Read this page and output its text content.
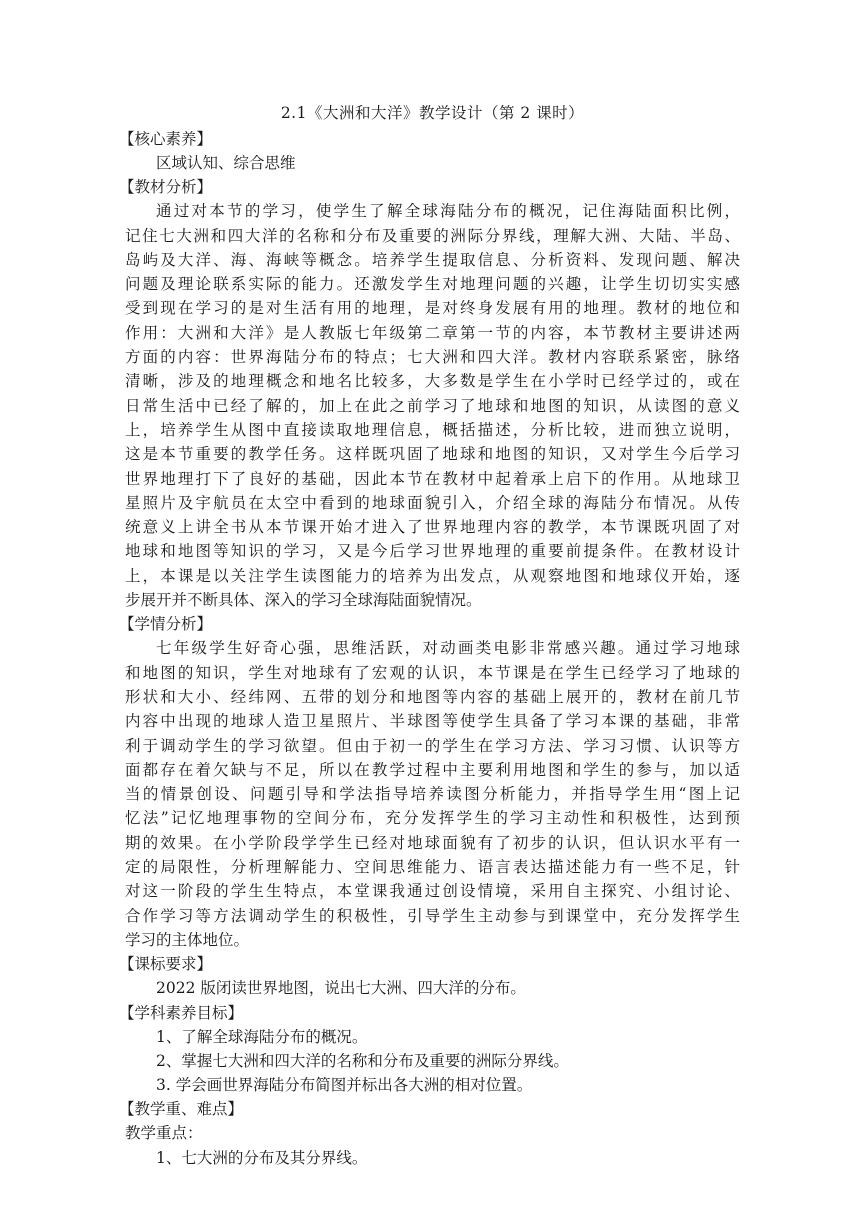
2.1《大洲和大洋》教学设计（第 2 课时）
【核心素养】
区域认知、综合思维
【教材分析】
通过对本节的学习，使学生了解全球海陆分布的概况，记住海陆面积比例，
记住七大洲和四大洋的名称和分布及重要的洲际分界线，理解大洲、大陆、半岛、
岛屿及大洋、海、海峡等概念。培养学生提取信息、分析资料、发现问题、解决
问题及理论联系实际的能力。还激发学生对地理问题的兴趣，让学生切切实实感
受到现在学习的是对生活有用的地理，是对终身发展有用的地理。教材的地位和
作用：大洲和大洋》是人教版七年级第二章第一节的内容，本节教材主要讲述两
方面的内容：世界海陆分布的特点；七大洲和四大洋。教材内容联系紧密，脉络
清晰，涉及的地理概念和地名比较多，大多数是学生在小学时已经学过的，或在
日常生活中已经了解的，加上在此之前学习了地球和地图的知识，从读图的意义
上，培养学生从图中直接读取地理信息，概括描述，分析比较，进而独立说明，
这是本节重要的教学任务。这样既巩固了地球和地图的知识，又对学生今后学习
世界地理打下了良好的基础，因此本节在教材中起着承上启下的作用。从地球卫
星照片及宇航员在太空中看到的地球面貌引入，介绍全球的海陆分布情况。从传
统意义上讲全书从本节课开始才进入了世界地理内容的教学，本节课既巩固了对
地球和地图等知识的学习，又是今后学习世界地理的重要前提条件。在教材设计
上，本课是以关注学生读图能力的培养为出发点，从观察地图和地球仪开始，逐
步展开并不断具体、深入的学习全球海陆面貌情况。
【学情分析】
七年级学生好奇心强，思维活跃，对动画类电影非常感兴趣。通过学习地球
和地图的知识，学生对地球有了宏观的认识，本节课是在学生已经学习了地球的
形状和大小、经纬网、五带的划分和地图等内容的基础上展开的，教材在前几节
内容中出现的地球人造卫星照片、半球图等使学生具备了学习本课的基础，非常
利于调动学生的学习欲望。但由于初一的学生在学习方法、学习习惯、认识等方
面都存在着欠缺与不足，所以在教学过程中主要利用地图和学生的参与，加以适
当的情景创设、问题引导和学法指导培养读图分析能力，并指导学生用“图上记
忆法”记忆地理事物的空间分布，充分发挥学生的学习主动性和积极性，达到预
期的效果。在小学阶段学学生已经对地球面貌有了初步的认识，但认识水平有一
定的局限性，分析理解能力、空间思维能力、语言表达描述能力有一些不足，针
对这一阶段的学生生特点，本堂课我通过创设情境，采用自主探究、小组讨论、
合作学习等方法调动学生的积极性，引导学生主动参与到课堂中，充分发挥学生
学习的主体地位。
【课标要求】
2022 版闭读世界地图，说出七大洲、四大洋的分布。
【学科素养目标】
1、了解全球海陆分布的概况。
2、掌握七大洲和四大洋的名称和分布及重要的洲际分界线。
3. 学会画世界海陆分布简图并标出各大洲的相对位置。
【教学重、难点】
教学重点：
1、七大洲的分布及其分界线。
